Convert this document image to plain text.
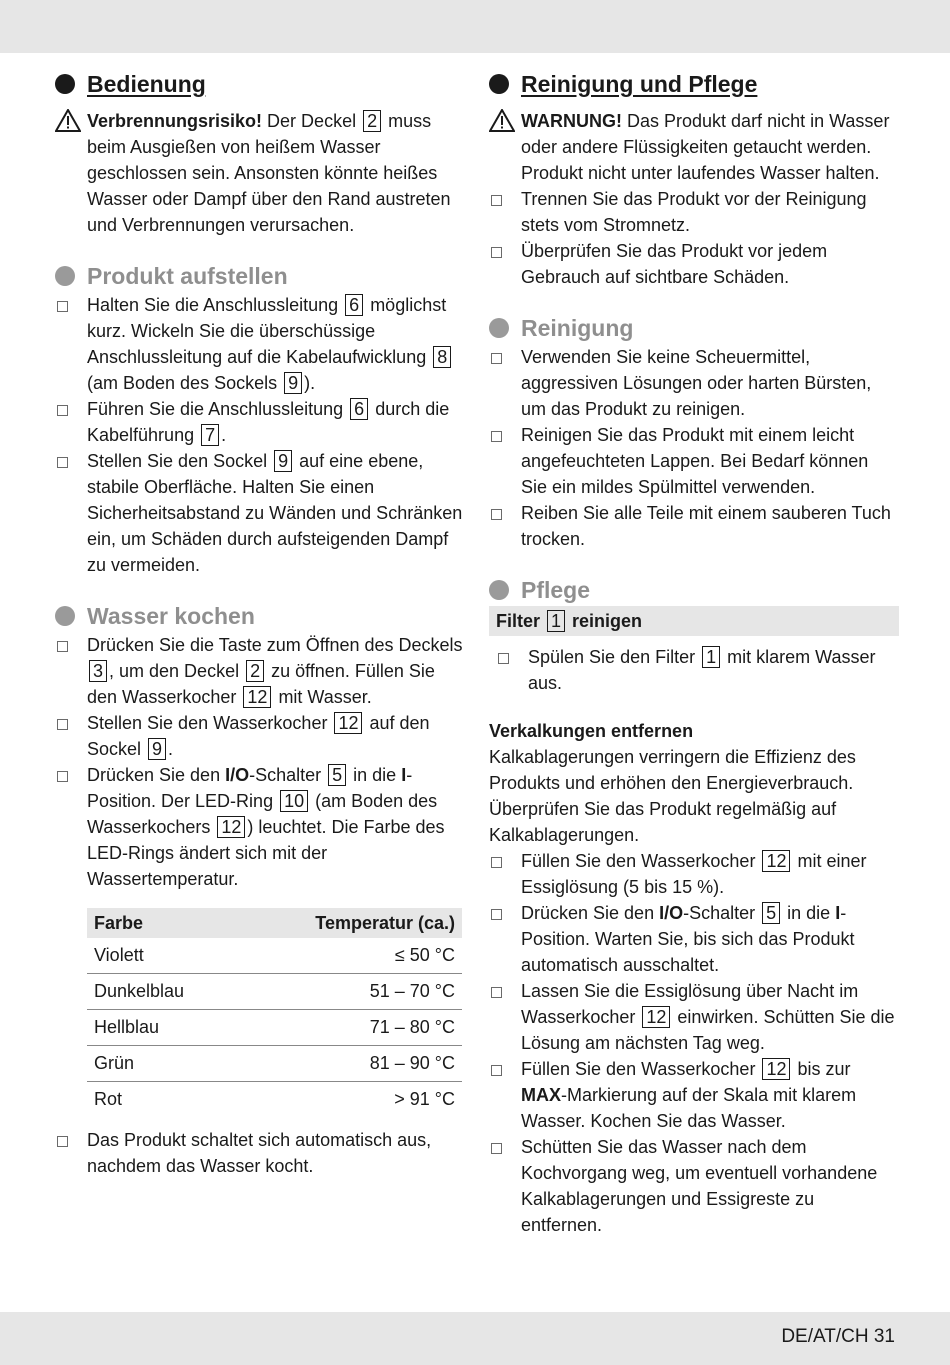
Bedienung

Verbrennungsrisiko! Der Deckel 2 muss beim Ausgießen von heißem Wasser geschlossen sein. Ansonsten könnte heißes Wasser oder Dampf über den Rand austreten und Verbrennungen verursachen.

Produkt aufstellen
Halten Sie die Anschlussleitung 6 möglichst kurz. Wickeln Sie die überschüssige Anschlussleitung auf die Kabelaufwicklung 8 (am Boden des Sockels 9 ).
Führen Sie die Anschlussleitung 6 durch die Kabelführung 7 .
Stellen Sie den Sockel 9 auf eine ebene, stabile Oberfläche. Halten Sie einen Sicherheitsabstand zu Wänden und Schränken ein, um Schäden durch aufsteigenden Dampf zu vermeiden.
Wasser kochen
Drücken Sie die Taste zum Öffnen des Deckels 3 , um den Deckel 2 zu öffnen. Füllen Sie den Wasserkocher 12 mit Wasser.
Stellen Sie den Wasserkocher 12 auf den Sockel 9 .
Drücken Sie den I/O-Schalter 5 in die I-Position. Der LED-Ring 10 (am Boden des Wasserkochers 12 ) leuchtet. Die Farbe des LED-Rings ändert sich mit der Wassertemperatur.
Farbe	Temperatur (ca.)
Violett	≤ 50 °C
Dunkelblau	51 – 70 °C
Hellblau	71 – 80 °C
Grün	81 – 90 °C
Rot	> 91 °C
Das Produkt schaltet sich automatisch aus, nachdem das Wasser kocht.
Reinigung und Pflege

WARNUNG! Das Produkt darf nicht in Wasser oder andere Flüssigkeiten getaucht werden. Produkt nicht unter laufendes Wasser halten.

Trennen Sie das Produkt vor der Reinigung stets vom Stromnetz.
Überprüfen Sie das Produkt vor jedem Gebrauch auf sichtbare Schäden.
Reinigung
Verwenden Sie keine Scheuermittel, aggressiven Lösungen oder harten Bürsten, um das Produkt zu reinigen.
Reinigen Sie das Produkt mit einem leicht angefeuchteten Lappen. Bei Bedarf können Sie ein mildes Spülmittel verwenden.
Reiben Sie alle Teile mit einem sauberen Tuch trocken.
Pflege
Filter 1 reinigen
Spülen Sie den Filter 1 mit klarem Wasser aus.
Verkalkungen entfernen

Kalkablagerungen verringern die Effizienz des Produkts und erhöhen den Energieverbrauch. Überprüfen Sie das Produkt regelmäßig auf Kalkablagerungen.

Füllen Sie den Wasserkocher 12 mit einer Essiglösung (5 bis 15 %).
Drücken Sie den I/O-Schalter 5 in die I-Position. Warten Sie, bis sich das Produkt automatisch ausschaltet.
Lassen Sie die Essiglösung über Nacht im Wasserkocher 12 einwirken. Schütten Sie die Lösung am nächsten Tag weg.
Füllen Sie den Wasserkocher 12 bis zur MAX-Markierung auf der Skala mit klarem Wasser. Kochen Sie das Wasser.
Schütten Sie das Wasser nach dem Kochvorgang weg, um eventuell vorhandene Kalkablagerungen und Essigreste zu entfernen.
DE/AT/CH 31
